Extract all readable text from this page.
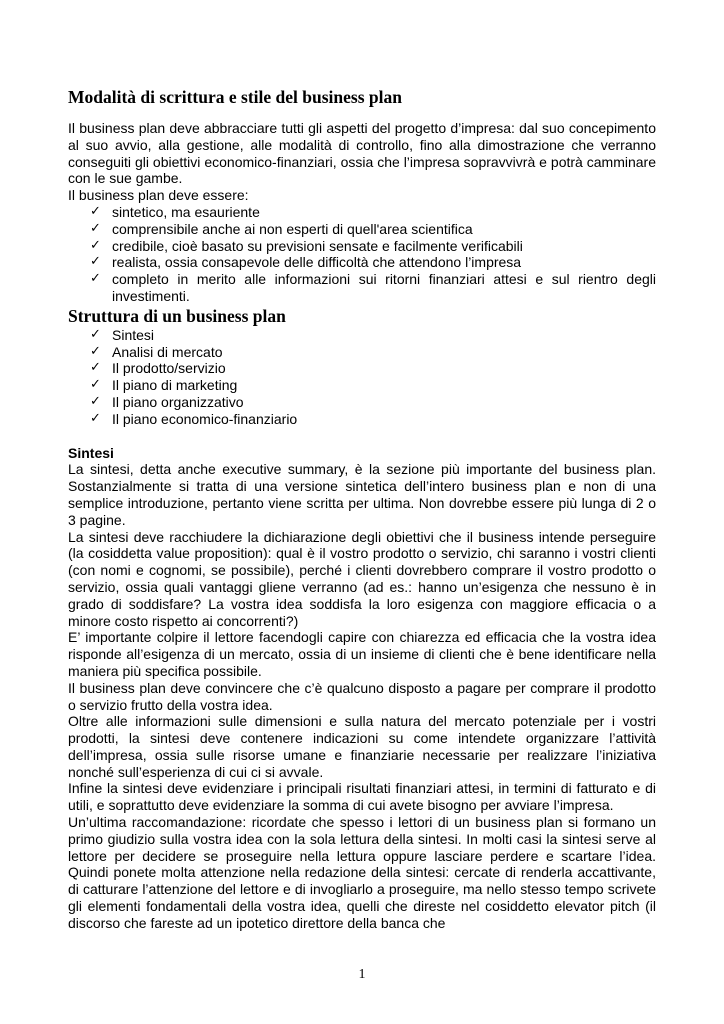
Modalità di scrittura e stile del business plan

Il business plan deve abbracciare tutti gli aspetti del progetto d’impresa: dal suo concepimento al suo avvio, alla gestione, alle modalità di controllo, fino alla dimostrazione che verranno conseguiti gli obiettivi economico-finanziari, ossia che l’impresa sopravvivrà e potrà camminare con le sue gambe.

Il business plan deve essere:

✓ sintetico, ma esauriente
✓ comprensibile anche ai non esperti di quell'area scientifica
✓ credibile, cioè basato su previsioni sensate e facilmente verificabili
✓ realista, ossia consapevole delle difficoltà che attendono l’impresa
✓ completo in merito alle informazioni sui ritorni finanziari attesi e sul rientro degli investimenti.
Struttura di un business plan
✓ Sintesi
✓ Analisi di mercato
✓ Il prodotto/servizio
✓ Il piano di marketing
✓ Il piano organizzativo
✓ Il piano economico-finanziario
Sintesi

La sintesi, detta anche executive summary, è la sezione più importante del business plan. Sostanzialmente si tratta di una versione sintetica dell’intero business plan e non di una semplice introduzione, pertanto viene scritta per ultima. Non dovrebbe essere più lunga di 2 o 3 pagine.

La sintesi deve racchiudere la dichiarazione degli obiettivi che il business intende perseguire (la cosiddetta value proposition): qual è il vostro prodotto o servizio, chi saranno i vostri clienti (con nomi e cognomi, se possibile), perché i clienti dovrebbero comprare il vostro prodotto o servizio, ossia quali vantaggi gliene verranno (ad es.: hanno un’esigenza che nessuno è in grado di soddisfare? La vostra idea soddisfa la loro esigenza con maggiore efficacia o a minore costo rispetto ai concorrenti?)

E’ importante colpire il lettore facendogli capire con chiarezza ed efficacia che la vostra idea risponde all’esigenza di un mercato, ossia di un insieme di clienti che è bene identificare nella maniera più specifica possibile.

Il business plan deve convincere che c’è qualcuno disposto a pagare per comprare il prodotto o servizio frutto della vostra idea.

Oltre alle informazioni sulle dimensioni e sulla natura del mercato potenziale per i vostri prodotti, la sintesi deve contenere indicazioni su come intendete organizzare l’attività dell’impresa, ossia sulle risorse umane e finanziarie necessarie per realizzare l’iniziativa nonché sull’esperienza di cui ci si avvale.

Infine la sintesi deve evidenziare i principali risultati finanziari attesi, in termini di fatturato e di utili, e soprattutto deve evidenziare la somma di cui avete bisogno per avviare l’impresa.

Un’ultima raccomandazione: ricordate che spesso i lettori di un business plan si formano un primo giudizio sulla vostra idea con la sola lettura della sintesi. In molti casi la sintesi serve al lettore per decidere se proseguire nella lettura oppure lasciare perdere e scartare l’idea. Quindi ponete molta attenzione nella redazione della sintesi: cercate di renderla accattivante, di catturare l’attenzione del lettore e di invogliarlo a proseguire, ma nello stesso tempo scrivete gli elementi fondamentali della vostra idea, quelli che direste nel cosiddetto elevator pitch (il discorso che fareste ad un ipotetico direttore della banca che

1
